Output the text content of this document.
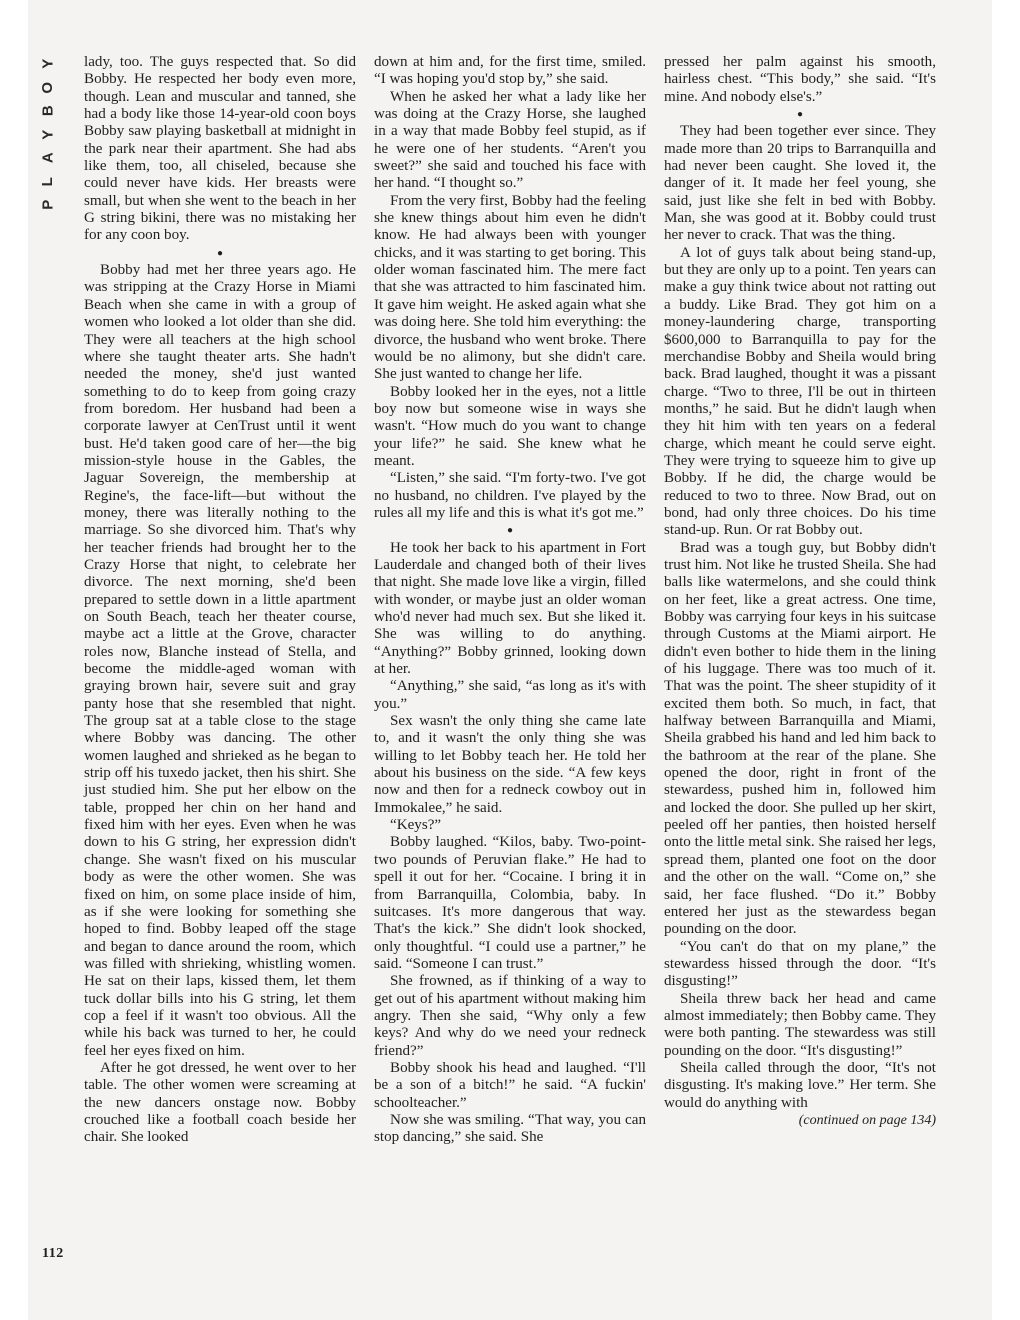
Y
O
B
Y
A
L
P

lady, too. The guys respected that. So did Bobby. He respected her body even more, though. Lean and muscular and tanned, she had a body like those 14-year-old coon boys Bobby saw playing basketball at midnight in the park near their apartment. She had abs like them, too, all chiseled, because she could never have kids. Her breasts were small, but when she went to the beach in her G string bikini, there was no mistaking her for any coon boy.

●

Bobby had met her three years ago. He was stripping at the Crazy Horse in Miami Beach when she came in with a group of women who looked a lot older than she did. They were all teachers at the high school where she taught theater arts. She hadn't needed the money, she'd just wanted something to do to keep from going crazy from boredom. Her husband had been a corporate lawyer at CenTrust until it went bust. He'd taken good care of her—the big mission-style house in the Gables, the Jaguar Sovereign, the membership at Regine's, the face-lift—but without the money, there was literally nothing to the marriage. So she divorced him. That's why her teacher friends had brought her to the Crazy Horse that night, to celebrate her divorce. The next morning, she'd been prepared to settle down in a little apartment on South Beach, teach her theater course, maybe act a little at the Grove, character roles now, Blanche instead of Stella, and become the middle-aged woman with graying brown hair, severe suit and gray panty hose that she resembled that night. The group sat at a table close to the stage where Bobby was dancing. The other women laughed and shrieked as he began to strip off his tuxedo jacket, then his shirt. She just studied him. She put her elbow on the table, propped her chin on her hand and fixed him with her eyes. Even when he was down to his G string, her expression didn't change. She wasn't fixed on his muscular body as were the other women. She was fixed on him, on some place inside of him, as if she were looking for something she hoped to find. Bobby leaped off the stage and began to dance around the room, which was filled with shrieking, whistling women. He sat on their laps, kissed them, let them tuck dollar bills into his G string, let them cop a feel if it wasn't too obvious. All the while his back was turned to her, he could feel her eyes fixed on him.

After he got dressed, he went over to her table. The other women were screaming at the new dancers onstage now. Bobby crouched like a football coach beside her chair. She looked

down at him and, for the first time, smiled. “I was hoping you'd stop by,” she said.

When he asked her what a lady like her was doing at the Crazy Horse, she laughed in a way that made Bobby feel stupid, as if he were one of her students. “Aren't you sweet?” she said and touched his face with her hand. “I thought so.”

From the very first, Bobby had the feeling she knew things about him even he didn't know. He had always been with younger chicks, and it was starting to get boring. This older woman fascinated him. The mere fact that she was attracted to him fascinated him. It gave him weight. He asked again what she was doing here. She told him everything: the divorce, the husband who went broke. There would be no alimony, but she didn't care. She just wanted to change her life.

Bobby looked her in the eyes, not a little boy now but someone wise in ways she wasn't. “How much do you want to change your life?” he said. She knew what he meant.

“Listen,” she said. “I'm forty-two. I've got no husband, no children. I've played by the rules all my life and this is what it's got me.”

●

He took her back to his apartment in Fort Lauderdale and changed both of their lives that night. She made love like a virgin, filled with wonder, or maybe just an older woman who'd never had much sex. But she liked it. She was willing to do anything. “Anything?” Bobby grinned, looking down at her.

“Anything,” she said, “as long as it's with you.”

Sex wasn't the only thing she came late to, and it wasn't the only thing she was willing to let Bobby teach her. He told her about his business on the side. “A few keys now and then for a redneck cowboy out in Immokalee,” he said.

“Keys?”

Bobby laughed. “Kilos, baby. Two-point-two pounds of Peruvian flake.” He had to spell it out for her. “Cocaine. I bring it in from Barranquilla, Colombia, baby. In suitcases. It's more dangerous that way. That's the kick.” She didn't look shocked, only thoughtful. “I could use a partner,” he said. “Someone I can trust.”

She frowned, as if thinking of a way to get out of his apartment without making him angry. Then she said, “Why only a few keys? And why do we need your redneck friend?”

Bobby shook his head and laughed. “I'll be a son of a bitch!” he said. “A fuckin' schoolteacher.”

Now she was smiling. “That way, you can stop dancing,” she said. She

pressed her palm against his smooth, hairless chest. “This body,” she said. “It's mine. And nobody else's.”

●

They had been together ever since. They made more than 20 trips to Barranquilla and had never been caught. She loved it, the danger of it. It made her feel young, she said, just like she felt in bed with Bobby. Man, she was good at it. Bobby could trust her never to crack. That was the thing.

A lot of guys talk about being stand-up, but they are only up to a point. Ten years can make a guy think twice about not ratting out a buddy. Like Brad. They got him on a money-laundering charge, transporting $600,000 to Barranquilla to pay for the merchandise Bobby and Sheila would bring back. Brad laughed, thought it was a pissant charge. “Two to three, I'll be out in thirteen months,” he said. But he didn't laugh when they hit him with ten years on a federal charge, which meant he could serve eight. They were trying to squeeze him to give up Bobby. If he did, the charge would be reduced to two to three. Now Brad, out on bond, had only three choices. Do his time stand-up. Run. Or rat Bobby out.

Brad was a tough guy, but Bobby didn't trust him. Not like he trusted Sheila. She had balls like watermelons, and she could think on her feet, like a great actress. One time, Bobby was carrying four keys in his suitcase through Customs at the Miami airport. He didn't even bother to hide them in the lining of his luggage. There was too much of it. That was the point. The sheer stupidity of it excited them both. So much, in fact, that halfway between Barranquilla and Miami, Sheila grabbed his hand and led him back to the bathroom at the rear of the plane. She opened the door, right in front of the stewardess, pushed him in, followed him and locked the door. She pulled up her skirt, peeled off her panties, then hoisted herself onto the little metal sink. She raised her legs, spread them, planted one foot on the door and the other on the wall. “Come on,” she said, her face flushed. “Do it.” Bobby entered her just as the stewardess began pounding on the door.

“You can't do that on my plane,” the stewardess hissed through the door. “It's disgusting!”

Sheila threw back her head and came almost immediately; then Bobby came. They were both panting. The stewardess was still pounding on the door. “It's disgusting!”

Sheila called through the door, “It's not disgusting. It's making love.” Her term. She would do anything with

(continued on page 134)
112
